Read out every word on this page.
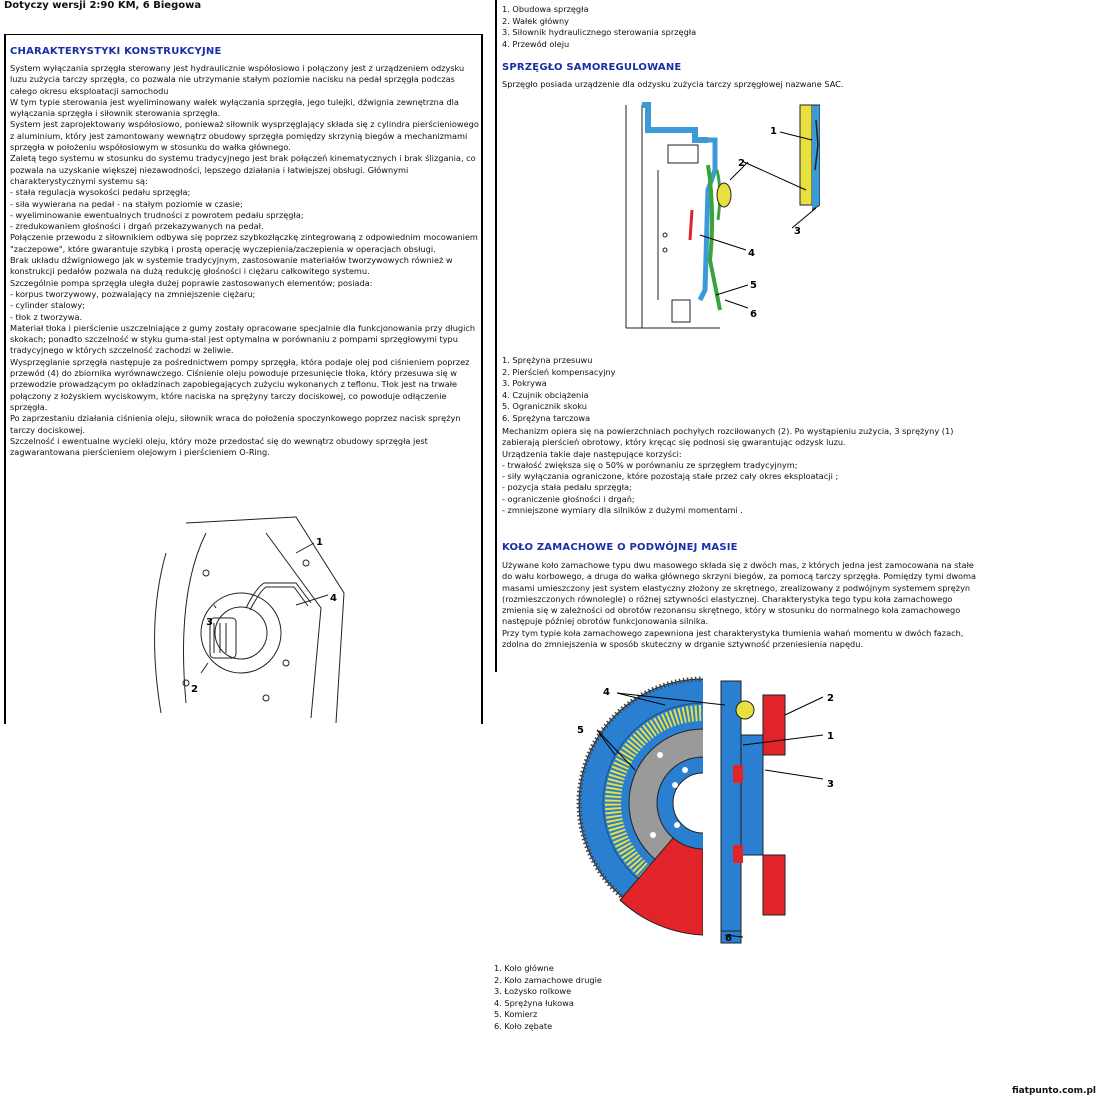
Dotyczy wersji 2:90 KM, 6 Biegowa
CHARAKTERYSTYKI KONSTRUKCYJNE
System wyłączania sprzęgła sterowany jest hydraulicznie współosiowo i połączony jest z urządzeniem odzysku luzu zużycia tarczy sprzęgła, co pozwala nie utrzymanie stałym poziomie nacisku na pedał sprzęgła podczas całego okresu eksploatacji samochodu
W tym typie sterowania jest wyeliminowany wałek wyłączania sprzęgła, jego tulejki, dźwignia zewnętrzna dla wyłączania sprzęgła i siłownik sterowania sprzęgła.
System jest zaprojektowany współosiowo, ponieważ siłownik wysprzęglający składa się z cylindra pierścieniowego z aluminium, który jest zamontowany wewnątrz obudowy sprzęgła pomiędzy skrzynią biegów a mechanizmami sprzęgła w położeniu współosiowym w stosunku do wałka głównego.
Zaletą tego systemu w stosunku do systemu tradycyjnego jest brak połączeń kinematycznych i brak ślizgania, co pozwala na uzyskanie większej niezawodności, lepszego działania i łatwiejszej obsługi. Głównymi charakterystycznymi systemu są:
- stała regulacja wysokości pedału sprzęgła;
- siła wywierana na pedał - na stałym poziomie w czasie;
- wyeliminowanie ewentualnych trudności z powrotem pedału sprzęgła;
- zredukowaniem głośności i drgań przekazywanych na pedał.
Połączenie przewodu z siłownikiem odbywa się poprzez szybkozłączkę zintegrowaną z odpowiednim mocowaniem "zaczepowe", które gwarantuje szybką i prostą operację wyczepienia/zaczepienia w operacjach obsługi.
Brak układu dźwigniowego jak w systemie tradycyjnym, zastosowanie materiałów tworzywowych również w konstrukcji pedałów pozwala na dużą redukcję głośności i ciężaru całkowitego systemu.
Szczególnie pompa sprzęgła uległa dużej poprawie zastosowanych elementów; posiada:
- korpus tworzywowy, pozwalający na zmniejszenie ciężaru;
- cylinder stalowy;
- tłok z tworzywa.
Materiał tłoka i pierścienie uszczelniające z gumy zostały opracowane specjalnie dla funkcjonowania przy długich skokach; ponadto szczelność w styku guma-stal jest optymalna w porównaniu z pompami sprzęgłowymi typu tradycyjnego w których szczelność zachodzi w żeliwie.
Wysprzęglanie sprzęgła następuje za pośrednictwem pompy sprzęgła, która podaje olej pod ciśnieniem poprzez przewód (4) do zbiornika wyrównawczego. Ciśnienie oleju powoduje przesunięcie tłoka, który przesuwa się w przewodzie prowadzącym po okładzinach zapobiegających zużyciu wykonanych z teflonu. Tłok jest na trwałe połączony z łożyskiem wyciskowym, które naciska na sprężyny tarczy dociskowej, co powoduje odłączenie sprzęgła.
Po zaprzestaniu działania ciśnienia oleju, siłownik wraca do położenia spoczynkowego poprzez nacisk sprężyn tarczy dociskowej.
Szczelność i ewentualne wycieki oleju, który może przedostać się do wewnątrz obudowy sprzęgła jest zagwarantowana pierścieniem olejowym i pierścieniem O-Ring.
1
4
3
2
1. Obudowa sprzęgła
2. Wałek główny
3. Siłownik hydraulicznego sterowania sprzęgła
4. Przewód oleju
SPRZĘGŁO SAMOREGULOWANE
Sprzęgło posiada urządzenie dla odzysku zużycia tarczy sprzęgłowej nazwane SAC.
1
2
3
4
5
6
1. Sprężyna przesuwu
2. Pierścień kompensacyjny
3. Pokrywa
4. Czujnik obciążenia
5. Ogranicznik skoku
6. Sprężyna tarczowa
Mechanizm opiera się na powierzchniach pochyłych rozciłowanych (2). Po wystąpieniu zużycia, 3 sprężyny (1) zabierają pierścień obrotowy, który kręcąc się podnosi się gwarantując odzysk luzu.
Urządzenia takie daje następujące korzyści:
- trwałość zwiększa się o 50% w porównaniu ze sprzęgłem tradycyjnym;
- siły wyłączania ograniczone, które pozostają stałe przez cały okres eksploatacji ;
- pozycja stała pedału sprzęgła;
- ograniczenie głośności i drgań;
- zmniejszone wymiary dla silników z dużymi momentami .
KOŁO ZAMACHOWE O PODWÓJNEJ MASIE
Używane koło zamachowe typu dwu masowego składa się z dwóch mas, z których jedna jest zamocowana na stałe do wału korbowego, a druga do wałka głównego skrzyni biegów, za pomocą tarczy sprzęgła. Pomiędzy tymi dwoma masami umieszczony jest system elastyczny złożony ze skrętnego, zrealizowany z podwójnym systemem sprężyn (rozmieszczonych równolegle) o różnej sztywności elastycznej. Charakterystyka tego typu koła zamachowego zmienia się w zależności od obrotów rezonansu skrętnego, który w stosunku do normalnego koła zamachowego następuje później obrotów funkcjonowania silnika.
Przy tym typie koła zamachowego zapewniona jest charakterystyka tłumienia wahań momentu w dwóch fazach, zdolna do zmniejszenia w sposób skuteczny w drganie sztywność przeniesienia napędu.
4
5
2
1
3
6
1. Koło główne
2. Koło zamachowe drugie
3. Łożysko rolkowe
4. Sprężyna łukowa
5. Komierz
6. Koło zębate
fiatpunto.com.pl
